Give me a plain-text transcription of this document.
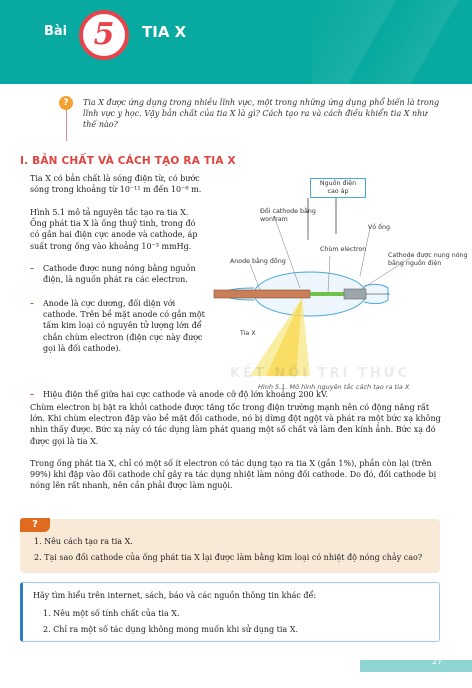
Bài 5	TIA X
?	Tia X được ứng dụng trong nhiều lĩnh vực, một trong những ứng dụng phổ biến là trong lĩnh vực y học. Vậy bản chất của tia X là gì? Cách tạo ra và cách điều khiển tia X như thế nào?

I. BẢN CHẤT VÀ CÁCH TẠO RA TIA X

Tia X có bản chất là sóng điện từ, có bước sóng trong khoảng từ 10⁻¹¹ m đến 10⁻⁸ m.

Hình 5.1 mô tả nguyên tắc tạo ra tia X. Ống phát tia X là ống thuỷ tinh, trong đó có gắn hai điện cực anode và cathode, áp suất trong ống vào khoảng 10⁻³ mmHg.

– Cathode được nung nóng bằng nguồn điện, là nguồn phát ra các electron.
– Anode là cực dương, đối diện với cathode. Trên bề mặt anode có gắn một tấm kim loại có nguyên tử lượng lớn để chắn chùm electron (điện cực này được gọi là đối cathode).
– Hiệu điện thế giữa hai cực cathode và anode cỡ độ lớn khoảng 200 kV.
Nguồn điện cao áp
Đối cathode bằng wonfram
Vỏ ống
Chùm electron
Anode bằng đồng
Cathode được nung nóng bằng nguồn điện
Tia X
KẾT NỐI TRI THỨC
Hình 5.1. Mô hình nguyên tắc cách tạo ra tia X

Chùm electron bị bật ra khỏi cathode được tăng tốc trong điện trường mạnh nên có động năng rất lớn. Khi chùm electron đập vào bề mặt đối cathode, nó bị dừng đột ngột và phát ra một bức xạ không nhìn thấy được. Bức xạ này có tác dụng làm phát quang một số chất và làm đen kính ảnh. Bức xạ đó được gọi là tia X.

Trong ống phát tia X, chỉ có một số ít electron có tác dụng tạo ra tia X (gần 1%), phần còn lại (trên 99%) khi đập vào đối cathode chỉ gây ra tác dụng nhiệt làm nóng đối cathode. Do đó, đối cathode bị nóng lên rất nhanh, nên cần phải được làm nguội.

?
1. Nêu cách tạo ra tia X.
2. Tại sao đối cathode của ống phát tia X lại được làm bằng kim loại có nhiệt độ nóng chảy cao?
Hãy tìm hiểu trên internet, sách, báo và các nguồn thông tin khác để:
1. Nêu một số tính chất của tia X.
2. Chỉ ra một số tác dụng không mong muốn khi sử dụng tia X.
27
